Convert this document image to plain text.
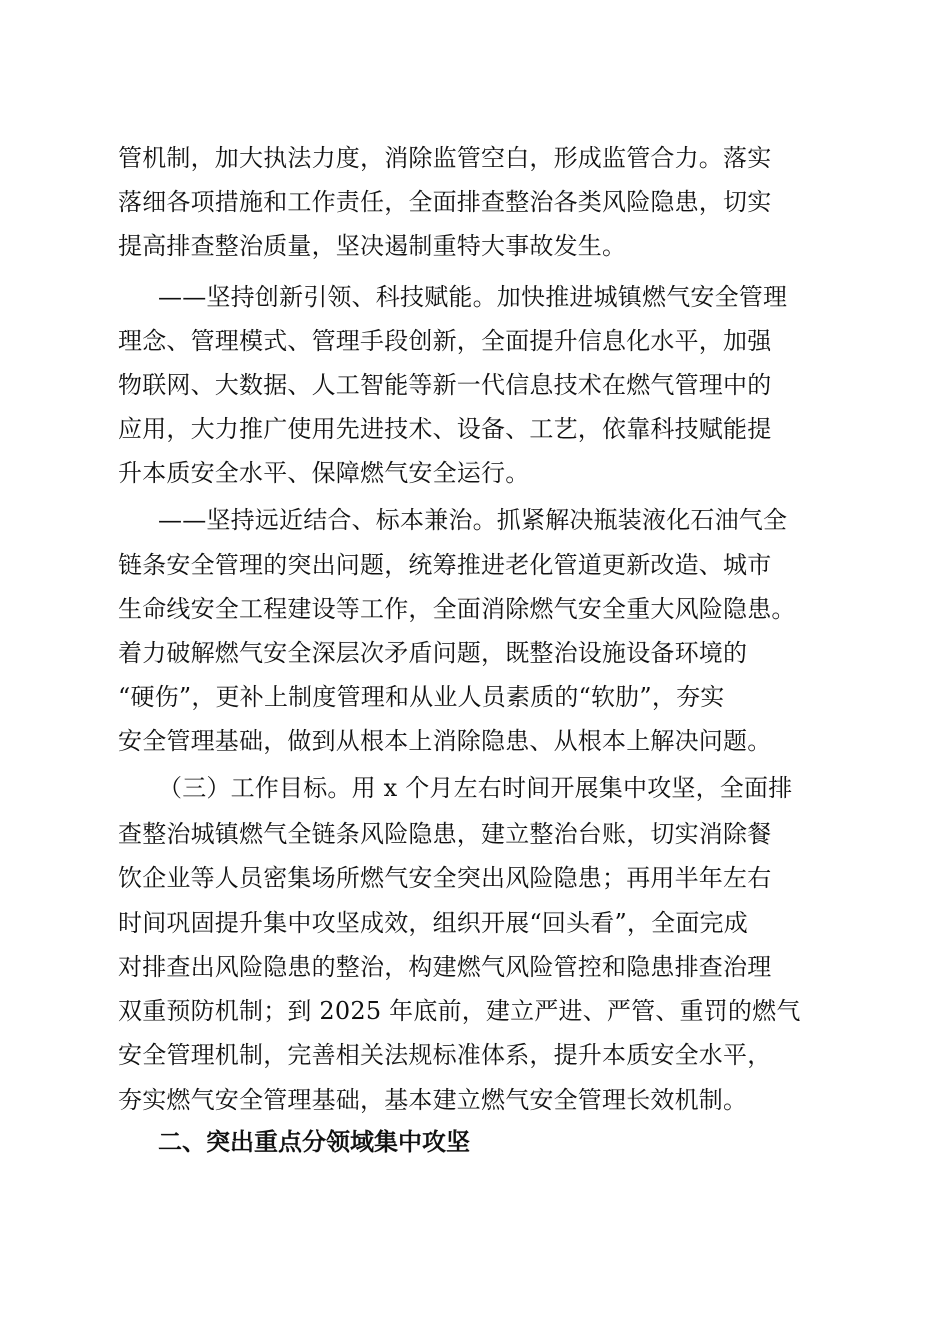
管机制，加大执法力度，消除监管空白，形成监管合力。落实
落细各项措施和工作责任，全面排查整治各类风险隐患，切实
提高排查整治质量，坚决遏制重特大事故发生。
——坚持创新引领、科技赋能。加快推进城镇燃气安全管理
理念、管理模式、管理手段创新，全面提升信息化水平，加强
物联网、大数据、人工智能等新一代信息技术在燃气管理中的
应用，大力推广使用先进技术、设备、工艺，依靠科技赋能提
升本质安全水平、保障燃气安全运行。
——坚持远近结合、标本兼治。抓紧解决瓶装液化石油气全
链条安全管理的突出问题，统筹推进老化管道更新改造、城市
生命线安全工程建设等工作，全面消除燃气安全重大风险隐患。
着力破解燃气安全深层次矛盾问题，既整治设施设备环境的
“硬伤”，更补上制度管理和从业人员素质的“软肋”，夯实
安全管理基础，做到从根本上消除隐患、从根本上解决问题。
（三）工作目标。用 x 个月左右时间开展集中攻坚，全面排
查整治城镇燃气全链条风险隐患，建立整治台账，切实消除餐
饮企业等人员密集场所燃气安全突出风险隐患；再用半年左右
时间巩固提升集中攻坚成效，组织开展“回头看”，全面完成
对排查出风险隐患的整治，构建燃气风险管控和隐患排查治理
双重预防机制；到 2025 年底前，建立严进、严管、重罚的燃气
安全管理机制，完善相关法规标准体系，提升本质安全水平，
夯实燃气安全管理基础，基本建立燃气安全管理长效机制。
二、突出重点分领域集中攻坚
